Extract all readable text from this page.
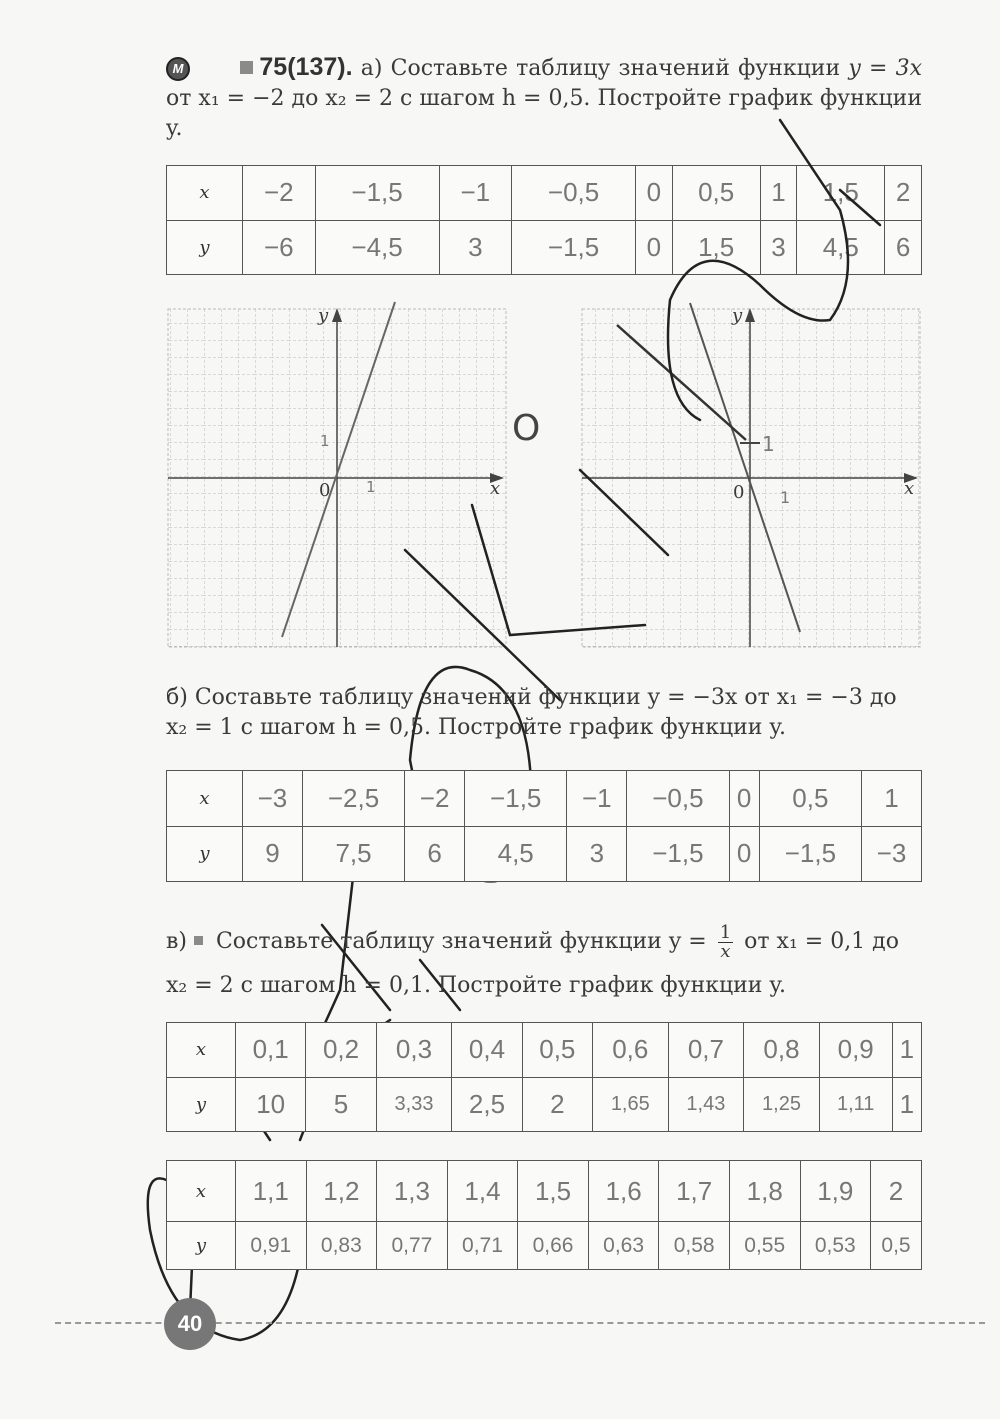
М	75(137). а) Составьте таблицу значений функции y = 3x от x₁ = −2 до x₂ = 2 с шагом h = 0,5. Постройте график функции y.
x	−2	−1,5	−1	−0,5	0	0,5	1	1,5	2
y	−6	−4,5	3	−1,5	0	1,5	3	4,5	6
y
x
0 1
1
y
x
0 1
1
O
б) Составьте таблицу значений функции y = −3x от x₁ = −3 до
x₂ = 1 с шагом h = 0,5. Постройте график функции y.
x	−3	−2,5	−2	−1,5	−1	−0,5	0	0,5	1
y	9	7,5	6	4,5	3	−1,5	0	−1,5	−3
в) Составьте таблицу значений функции $y = \frac{1}{x}$ от x₁ = 0,1 до
x₂ = 2 с шагом h = 0,1. Постройте график функции y.
x	0,1	0,2	0,3	0,4	0,5	0,6	0,7	0,8	0,9	1
y	10	5	3,33	2,5	2	1,65	1,43	1,25	1,11	1
x	1,1	1,2	1,3	1,4	1,5	1,6	1,7	1,8	1,9	2
y	0,91	0,83	0,77	0,71	0,66	0,63	0,58	0,55	0,53	0,5
40
